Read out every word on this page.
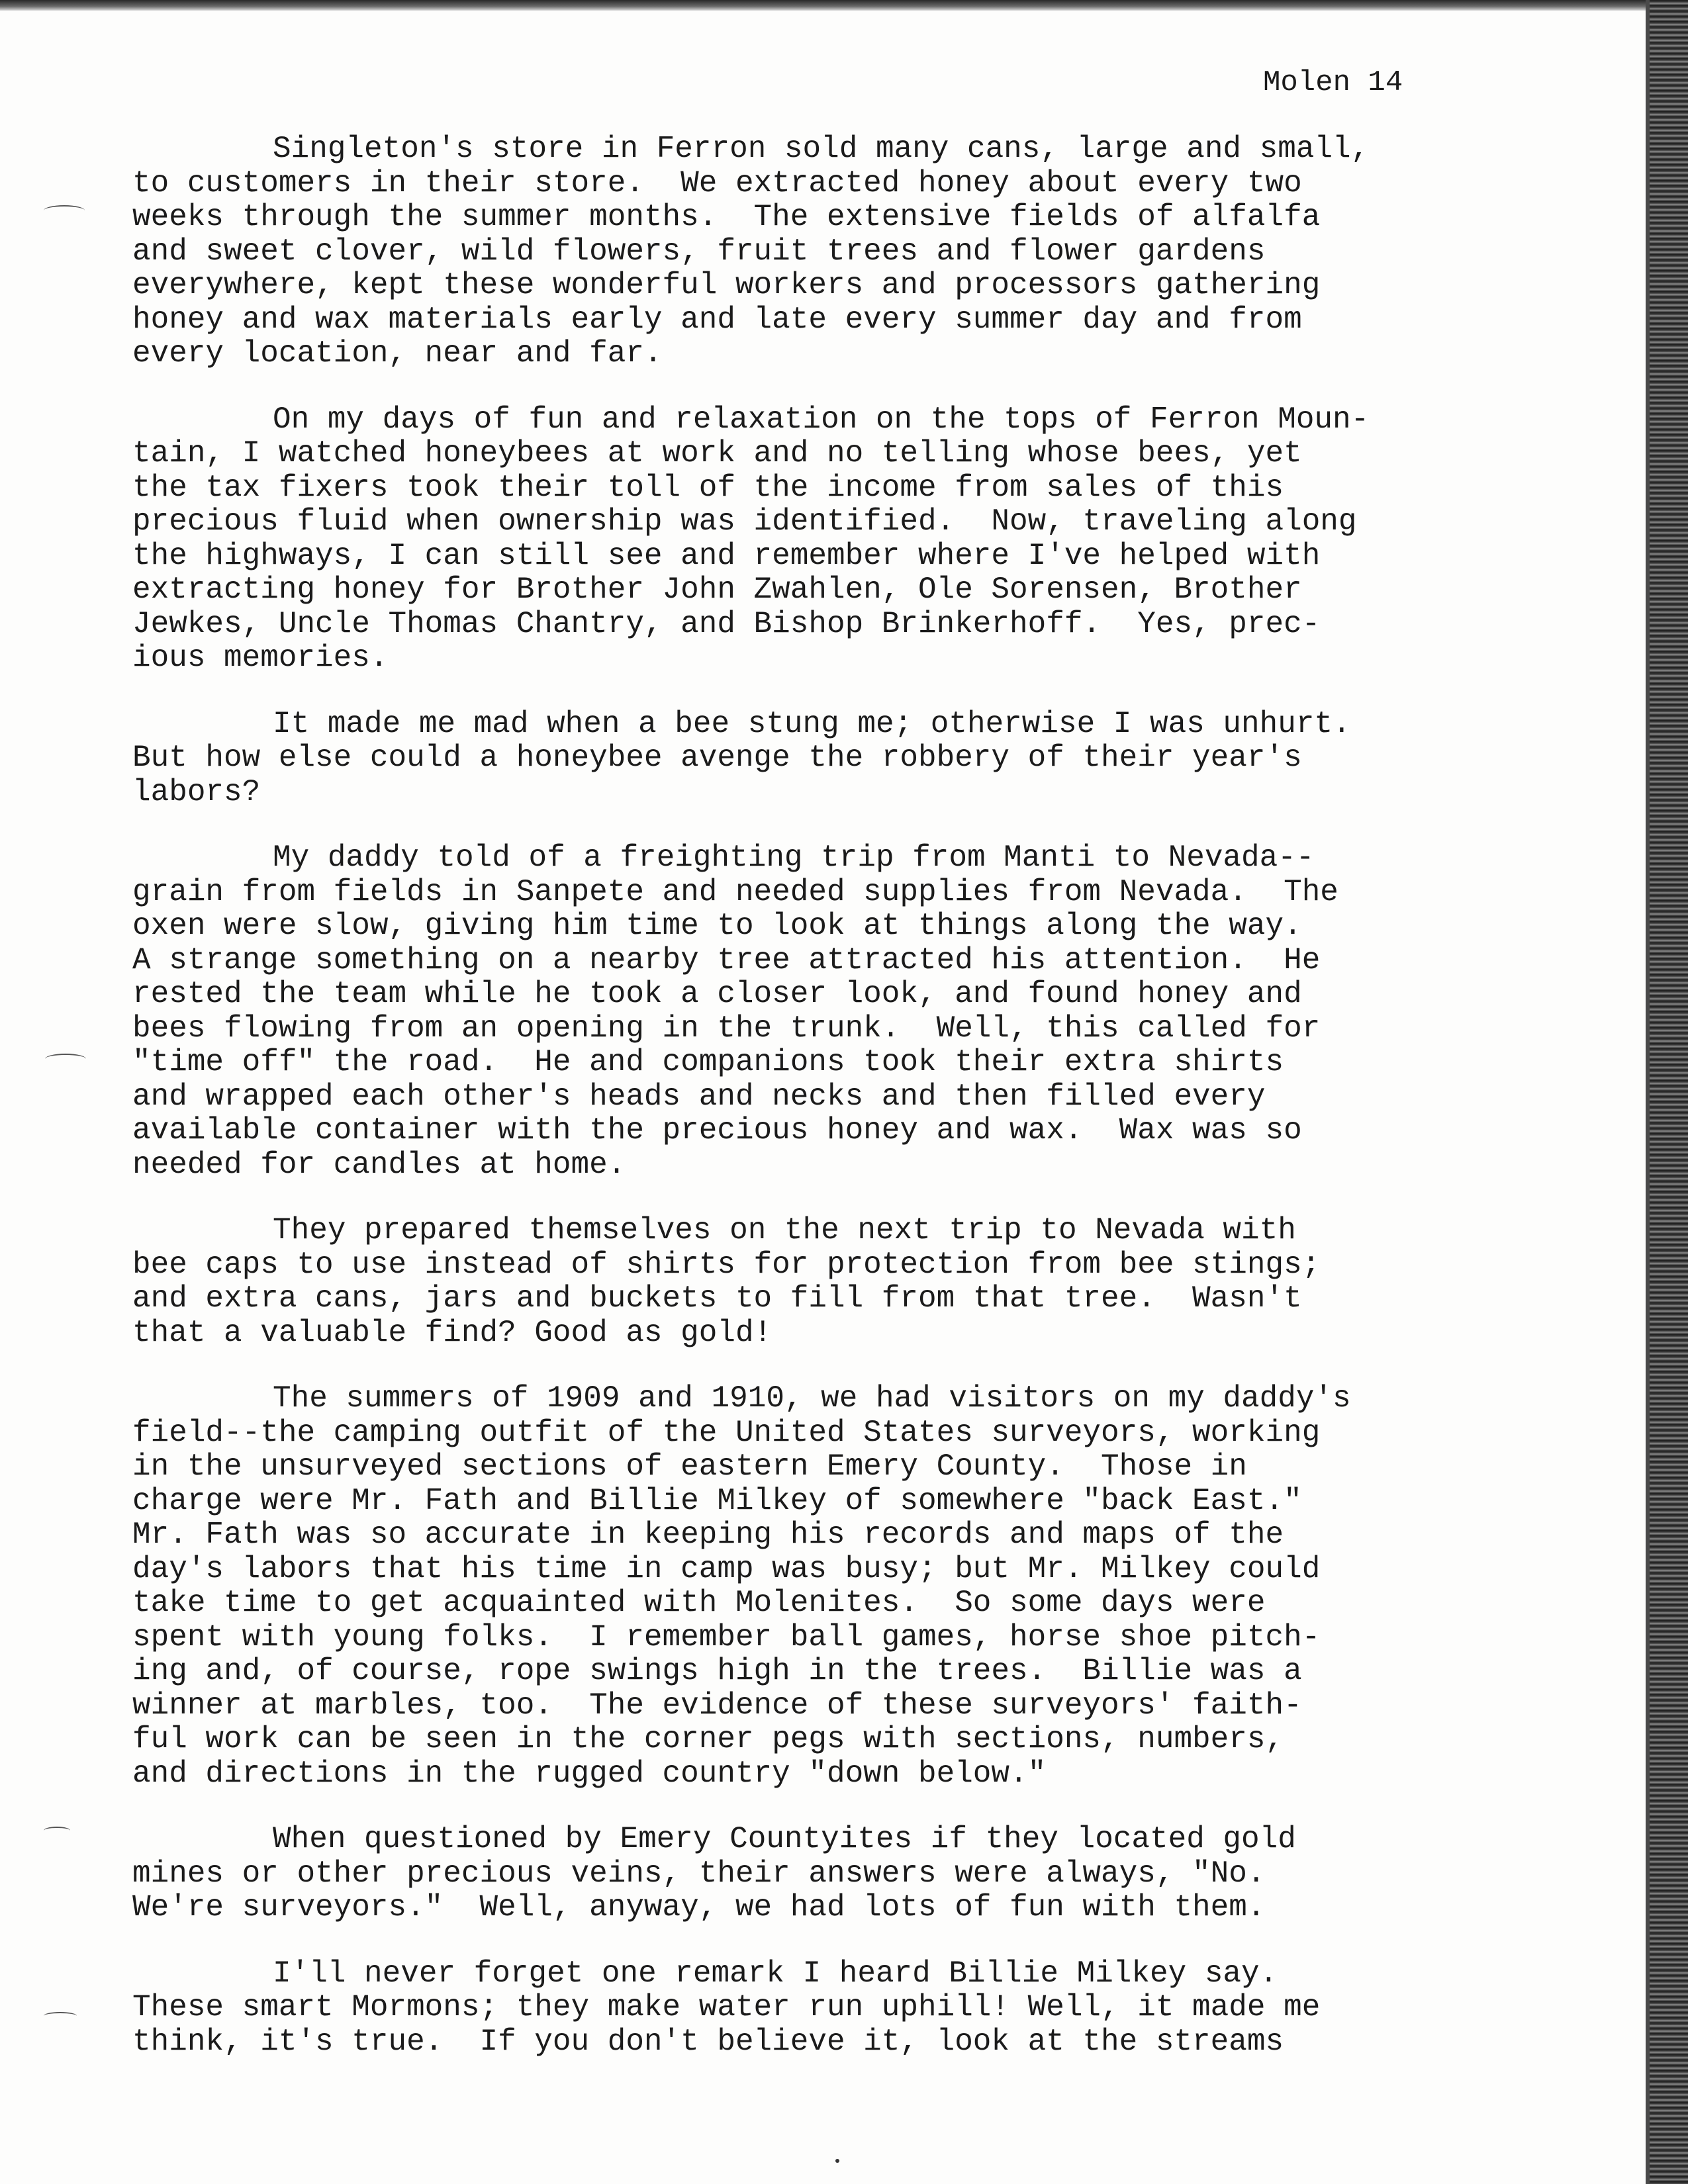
Molen 14
Singleton's store in Ferron sold many cans, large and small,
to customers in their store.  We extracted honey about every two
weeks through the summer months.  The extensive fields of alfalfa
and sweet clover, wild flowers, fruit trees and flower gardens
everywhere, kept these wonderful workers and processors gathering
honey and wax materials early and late every summer day and from
every location, near and far.
On my days of fun and relaxation on the tops of Ferron Moun-
tain, I watched honeybees at work and no telling whose bees, yet
the tax fixers took their toll of the income from sales of this
precious fluid when ownership was identified.  Now, traveling along
the highways, I can still see and remember where I've helped with
extracting honey for Brother John Zwahlen, Ole Sorensen, Brother
Jewkes, Uncle Thomas Chantry, and Bishop Brinkerhoff.  Yes, prec-
ious memories.
It made me mad when a bee stung me; otherwise I was unhurt.
But how else could a honeybee avenge the robbery of their year's
labors?
My daddy told of a freighting trip from Manti to Nevada--
grain from fields in Sanpete and needed supplies from Nevada.  The
oxen were slow, giving him time to look at things along the way.
A strange something on a nearby tree attracted his attention.  He
rested the team while he took a closer look, and found honey and
bees flowing from an opening in the trunk.  Well, this called for
"time off" the road.  He and companions took their extra shirts
and wrapped each other's heads and necks and then filled every
available container with the precious honey and wax.  Wax was so
needed for candles at home.
They prepared themselves on the next trip to Nevada with
bee caps to use instead of shirts for protection from bee stings;
and extra cans, jars and buckets to fill from that tree.  Wasn't
that a valuable find? Good as gold!
The summers of 1909 and 1910, we had visitors on my daddy's
field--the camping outfit of the United States surveyors, working
in the unsurveyed sections of eastern Emery County.  Those in
charge were Mr. Fath and Billie Milkey of somewhere "back East."
Mr. Fath was so accurate in keeping his records and maps of the
day's labors that his time in camp was busy; but Mr. Milkey could
take time to get acquainted with Molenites.  So some days were
spent with young folks.  I remember ball games, horse shoe pitch-
ing and, of course, rope swings high in the trees.  Billie was a
winner at marbles, too.  The evidence of these surveyors' faith-
ful work can be seen in the corner pegs with sections, numbers,
and directions in the rugged country "down below."
When questioned by Emery Countyites if they located gold
mines or other precious veins, their answers were always, "No.
We're surveyors."  Well, anyway, we had lots of fun with them.
I'll never forget one remark I heard Billie Milkey say.
These smart Mormons; they make water run uphill! Well, it made me
think, it's true.  If you don't believe it, look at the streams
